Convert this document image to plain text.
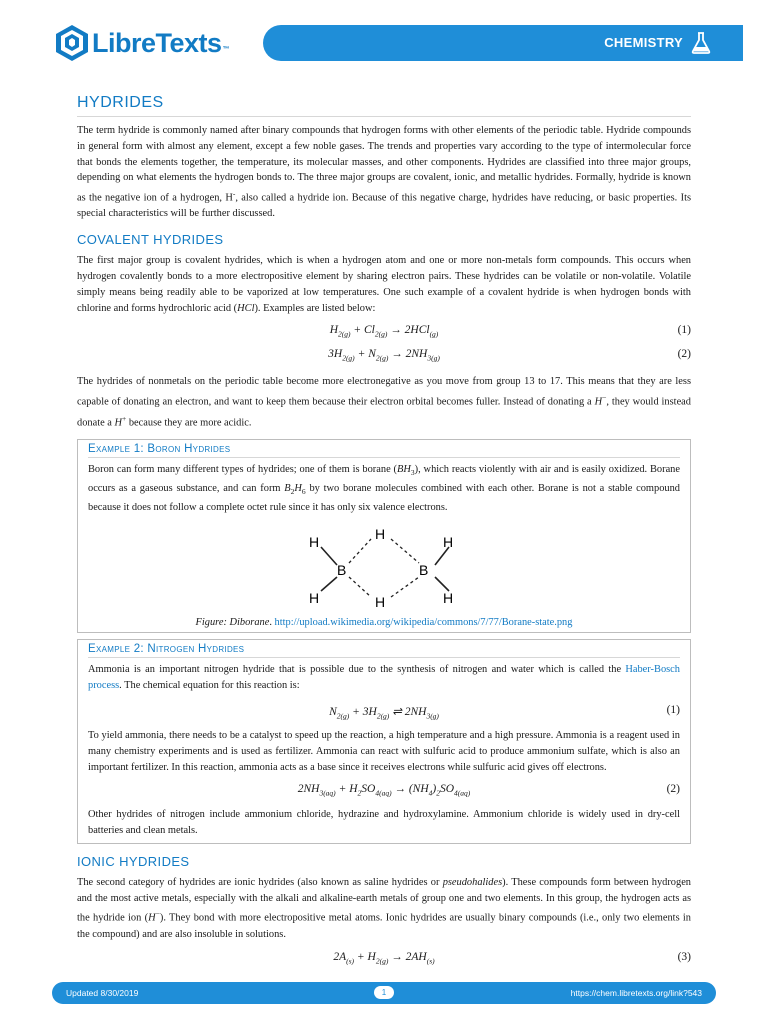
LibreTexts ™	CHEMISTRY
HYDRIDES

The term hydride is commonly named after binary compounds that hydrogen forms with other elements of the periodic table. Hydride compounds in general form with almost any element, except a few noble gases. The trends and properties vary according to the type of intermolecular force that bonds the elements together, the temperature, its molecular masses, and other components. Hydrides are classified into three major groups, depending on what elements the hydrogen bonds to. The three major groups are covalent, ionic, and metallic hydrides. Formally, hydride is known as the negative ion of a hydrogen, H-, also called a hydride ion. Because of this negative charge, hydrides have reducing, or basic properties. Its special characteristics will be further discussed.

COVALENT HYDRIDES

The first major group is covalent hydrides, which is when a hydrogen atom and one or more non-metals form compounds. This occurs when hydrogen covalently bonds to a more electropositive element by sharing electron pairs. These hydrides can be volatile or non-volatile. Volatile simply means being readily able to be vaporized at low temperatures. One such example of a covalent hydride is when hydrogen bonds with chlorine and forms hydrochloric acid (HCl). Examples are listed below:

$H_{2(g)} + Cl_{2(g)} \to 2HCl_{(g)}$	(1)
$3H_{2(g)} + N_{2(g)} \to 2NH_{3(g)}$	(2)

The hydrides of nonmetals on the periodic table become more electronegative as you move from group 13 to 17. This means that they are less capable of donating an electron, and want to keep them because their electron orbital becomes fuller. Instead of donating a H−, they would instead donate a H+ because they are more acidic.

Example 1: Boron Hydrides

Boron can form many different types of hydrides; one of them is borane $(BH_3)$, which reacts violently with air and is easily oxidized. Borane occurs as a gaseous substance, and can form $B_2H_6$ by two borane molecules combined with each other. Borane is not a stable compound because it does not follow a complete octet rule since it has only six valence electrons.

H
H
H
H
H
H
B	B
Figure: Diborane. http://upload.wikimedia.org/wikipedia/commons/7/77/Borane-state.png
Example 2: Nitrogen Hydrides

Ammonia is an important nitrogen hydride that is possible due to the synthesis of nitrogen and water which is called the Haber-Bosch process. The chemical equation for this reaction is:

$N_{2(g)} + 3H_{2(g)}$ ⇌ $2NH_{3(g)}$	(1)

To yield ammonia, there needs to be a catalyst to speed up the reaction, a high temperature and a high pressure. Ammonia is a reagent used in many chemistry experiments and is used as fertilizer. Ammonia can react with sulfuric acid to produce ammonium sulfate, which is also an important fertilizer. In this reaction, ammonia acts as a base since it receives electrons while sulfuric acid gives off electrons.

$2NH_{3(aq)} + H_2SO_{4(aq)} \to (NH_4)_2SO_{4(aq)}$	(2)

Other hydrides of nitrogen include ammonium chloride, hydrazine and hydroxylamine. Ammonium chloride is widely used in dry-cell batteries and clean metals.

IONIC HYDRIDES

The second category of hydrides are ionic hydrides (also known as saline hydrides or pseudohalides). These compounds form between hydrogen and the most active metals, especially with the alkali and alkaline-earth metals of group one and two elements. In this group, the hydrogen acts as the hydride ion (H−). They bond with more electropositive metal atoms. Ionic hydrides are usually binary compounds (i.e., only two elements in the compound) and are also insoluble in solutions.

$2A_{(s)} + H_{2(g)} \to 2AH_{(s)}$	(3)
Updated 8/30/2019	1	https://chem.libretexts.org/link?543
